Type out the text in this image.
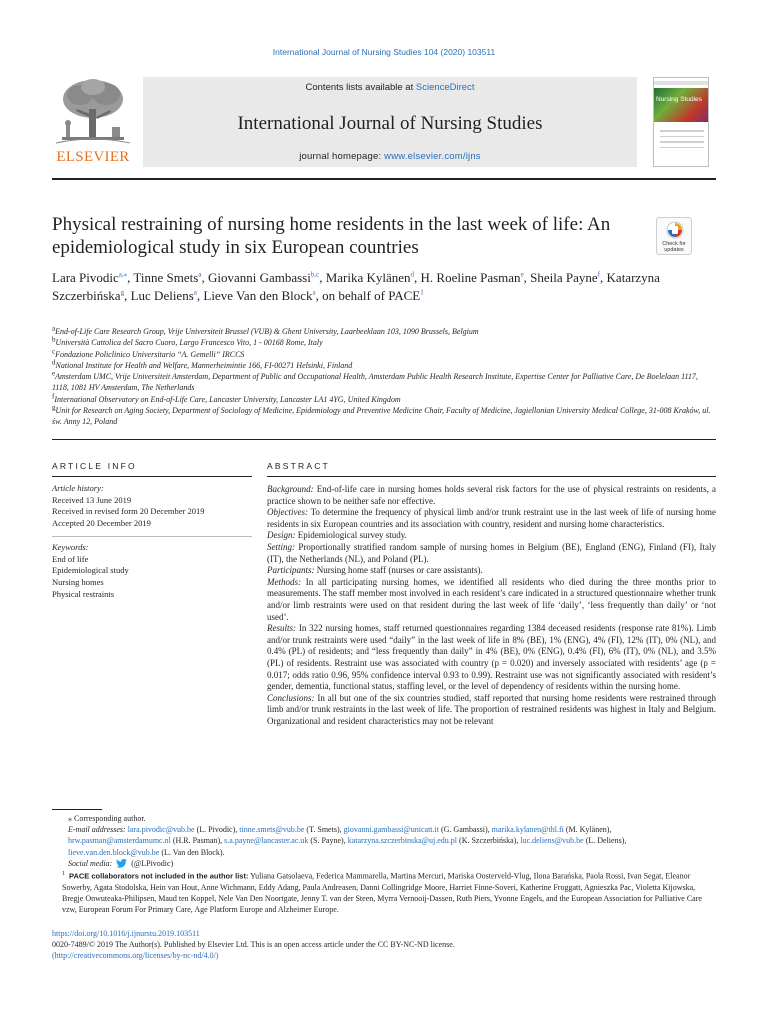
International Journal of Nursing Studies 104 (2020) 103511
ELSEVIER
Contents lists available at ScienceDirect
International Journal of Nursing Studies
journal homepage: www.elsevier.com/ijns
Nursing Studies
Physical restraining of nursing home residents in the last week of life: An epidemiological study in six European countries	Check for updates
Lara Pivodic$^{a,⁎}$, Tinne Smets$^a$, Giovanni Gambassi$^{b,c}$, Marika Kylänen$^d$, H. Roeline Pasman$^e$, Sheila Payne$^f$, Katarzyna Szczerbińska$^g$, Luc Deliens$^a$, Lieve Van den Block$^a$, on behalf of PACE$^1$
$^a$End-of-Life Care Research Group, Vrije Universiteit Brussel (VUB) & Ghent University, Laarbeeklaan 103, 1090 Brussels, Belgium
$^b$Università Cattolica del Sacro Cuoro, Largo Francesco Vito, 1 - 00168 Rome, Italy
$^c$Fondazione Policlinico Universitario “A. Gemelli” IRCCS
$^d$National Institute for Health and Welfare, Mannerheimintie 166, FI-00271 Helsinki, Finland
$^e$Amsterdam UMC, Vrije Universiteit Amsterdam, Department of Public and Occupational Health, Amsterdam Public Health Research Institute, Expertise Center for Palliative Care, De Boelelaan 1117, 1118, 1081 HV Amsterdam, The Netherlands
$^f$International Observatory on End-of-Life Care, Lancaster University, Lancaster LA1 4YG, United Kingdom
$^g$Unit for Research on Aging Society, Department of Sociology of Medicine, Epidemiology and Preventive Medicine Chair, Faculty of Medicine, Jagiellonian University Medical College, 31-008 Kraków, ul. św. Anny 12, Poland
ARTICLE INFO
Article history:
Received 13 June 2019
Received in revised form 20 December 2019
Accepted 20 December 2019
Keywords:
End of life
Epidemiological study
Nursing homes
Physical restraints
ABSTRACT

Background: End-of-life care in nursing homes holds several risk factors for the use of physical restraints on residents, a practice shown to be neither safe nor effective.

Objectives: To determine the frequency of physical limb and/or trunk restraint use in the last week of life of nursing home residents in six European countries and its association with country, resident and nursing home characteristics.

Design: Epidemiological survey study.

Setting: Proportionally stratified random sample of nursing homes in Belgium (BE), England (ENG), Finland (FI), Italy (IT), the Netherlands (NL), and Poland (PL).

Participants: Nursing home staff (nurses or care assistants).

Methods: In all participating nursing homes, we identified all residents who died during the three months prior to measurements. The staff member most involved in each resident’s care indicated in a structured questionnaire whether trunk and/or limb restraints were used on that resident during the last week of life ‘daily’, ‘less frequently than daily’ or ‘not used’.

Results: In 322 nursing homes, staff returned questionnaires regarding 1384 deceased residents (response rate 81%). Limb and/or trunk restraints were used “daily” in the last week of life in 8% (BE), 1% (ENG), 4% (FI), 12% (IT), 0% (NL), and 0.4% (PL) of residents; and “less frequently than daily” in 4% (BE), 0% (ENG), 0.4% (FI), 6% (IT), 0% (NL), and 3.5% (PL) of residents. Restraint use was associated with country (p = 0.020) and inversely associated with residents’ age (p = 0.017; odds ratio 0.96, 95% confidence interval 0.93 to 0.99). Restraint use was not significantly associated with resident’s gender, dementia, functional status, staffing level, or the level of dependency of residents within the nursing home.

Conclusions: In all but one of the six countries studied, staff reported that nursing home residents were restrained through limb and/or trunk restraints in the last week of life. The proportion of restrained residents was highest in Italy and Belgium. Organizational and resident characteristics may not be relevant

⁎ Corresponding author.
E-mail addresses: lara.pivodic@vub.be (L. Pivodic), tinne.smets@vub.be (T. Smets), giovanni.gambassi@unicatt.it (G. Gambassi), marika.kylanen@thl.fi (M. Kylänen), hrw.pasman@amsterdamumc.nl (H.R. Pasman), s.a.payne@lancaster.ac.uk (S. Payne), katarzyna.szczerbinska@uj.edu.pl (K. Szczerbińska), luc.deliens@vub.be (L. Deliens), lieve.van.den.block@vub.be (L. Van den Block).
Social media: (@LPivodic)
$^1$ PACE collaborators not included in the author list: Yuliana Gatsolaeva, Federica Mammarella, Martina Mercuri, Mariska Oosterveld-Vlug, Ilona Barańska, Paola Rossi, Ivan Segat, Eleanor Sowerby, Agata Stodolska, Hein van Hout, Anne Wichmann, Eddy Adang, Paula Andreasen, Danni Collingridge Moore, Harriet Finne-Soveri, Katherine Froggatt, Agnieszka Pac, Violetta Kijowska, Bregje Onwuteaka-Philipsen, Maud ten Koppel, Nele Van Den Noortgate, Jenny T. van der Steen, Myrra Vernooij-Dassen, Ruth Piers, Yvonne Engels, and the European Association for Palliative Care vzw, European Forum For Primary Care, Age Platform Europe and Alzheimer Europe.
https://doi.org/10.1016/j.ijnurstu.2019.103511
0020-7489/© 2019 The Author(s). Published by Elsevier Ltd. This is an open access article under the CC BY-NC-ND license.
(http://creativecommons.org/licenses/by-nc-nd/4.0/)
